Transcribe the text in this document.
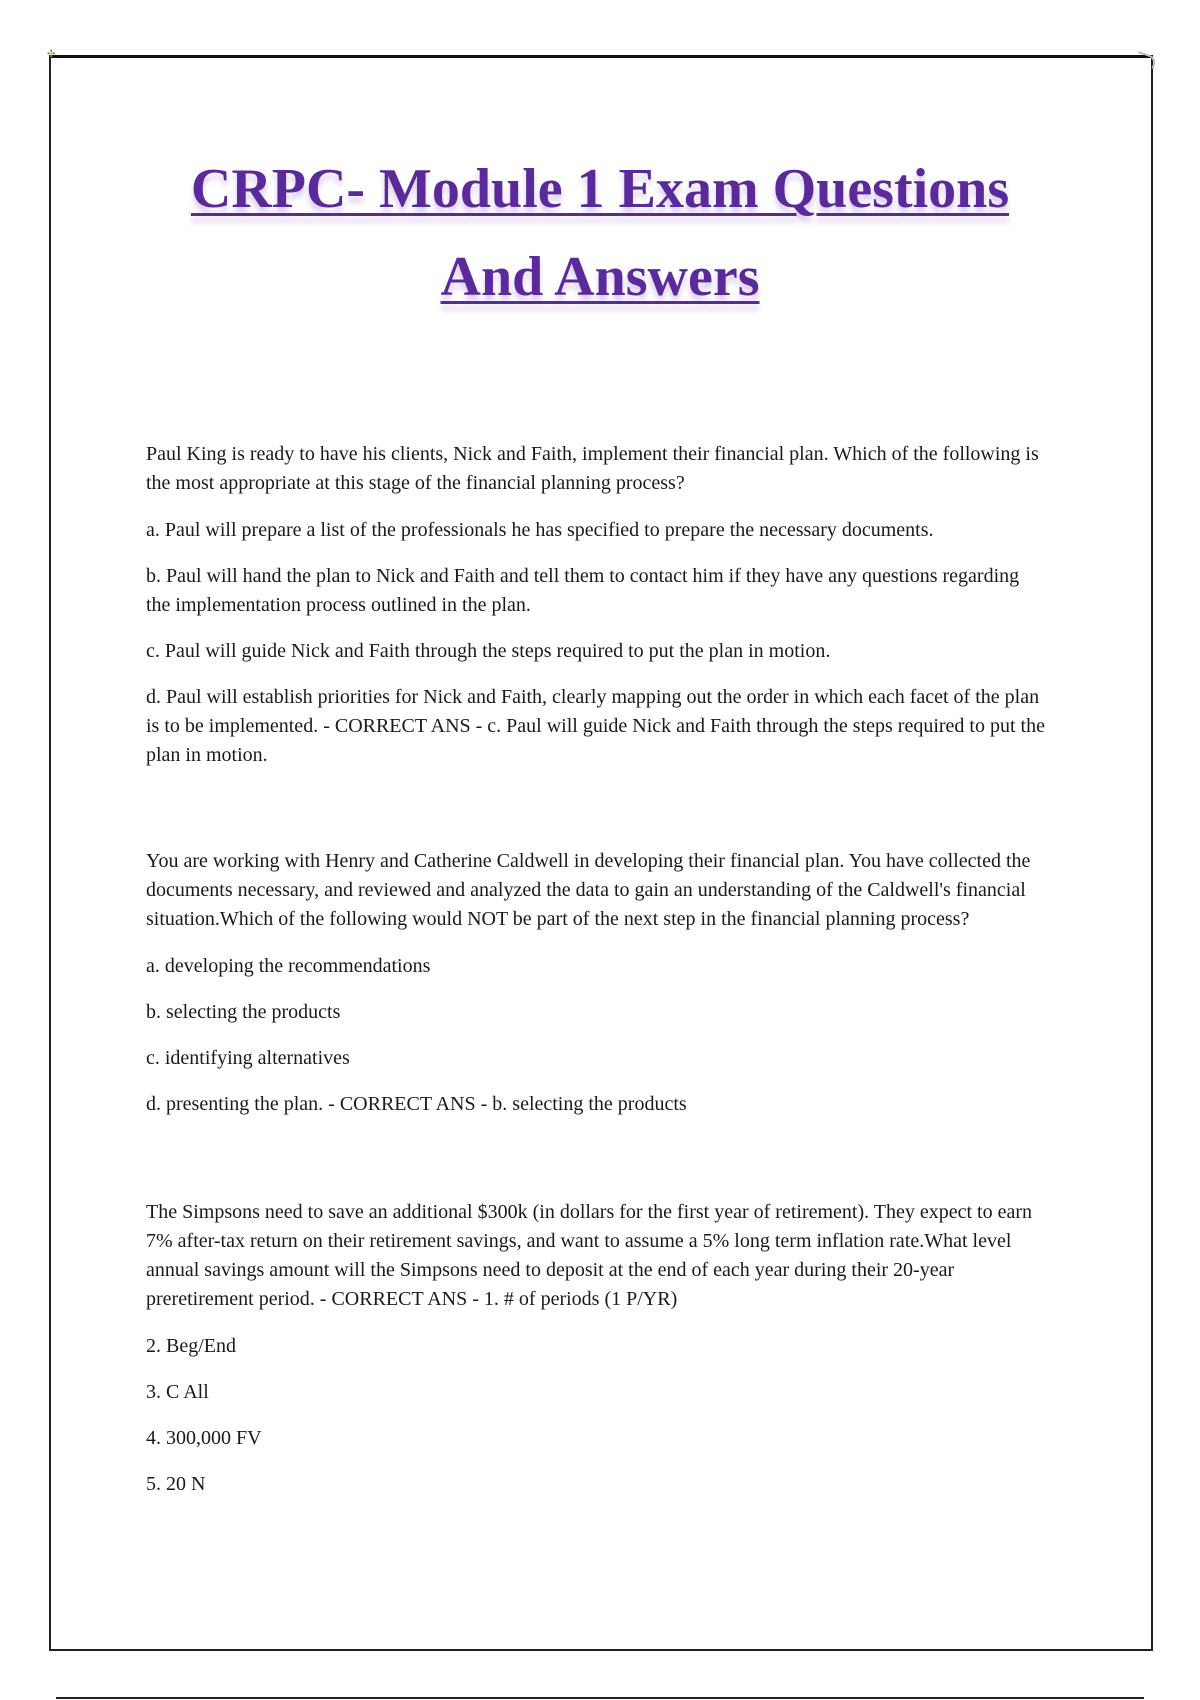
✣

CRPC- Module 1 Exam Questions

And Answers

Paul King is ready to have his clients, Nick and Faith, implement their financial plan. Which of the following is the most appropriate at this stage of the financial planning process?

a. Paul will prepare a list of the professionals he has specified to prepare the necessary documents.

b. Paul will hand the plan to Nick and Faith and tell them to contact him if they have any questions regarding the implementation process outlined in the plan.

c. Paul will guide Nick and Faith through the steps required to put the plan in motion.

d. Paul will establish priorities for Nick and Faith, clearly mapping out the order in which each facet of the plan is to be implemented. - CORRECT ANS - c. Paul will guide Nick and Faith through the steps required to put the plan in motion.

You are working with Henry and Catherine Caldwell in developing their financial plan. You have collected the documents necessary, and reviewed and analyzed the data to gain an understanding of the Caldwell's financial situation.Which of the following would NOT be part of the next step in the financial planning process?

a. developing the recommendations

b. selecting the products

c. identifying alternatives

d. presenting the plan. - CORRECT ANS - b. selecting the products

The Simpsons need to save an additional $300k (in dollars for the first year of retirement). They expect to earn 7% after-tax return on their retirement savings, and want to assume a 5% long term inflation rate.What level annual savings amount will the Simpsons need to deposit at the end of each year during their 20-year preretirement period. - CORRECT ANS - 1. # of periods (1 P/YR)

2. Beg/End

3. C All

4. 300,000 FV

5. 20 N
